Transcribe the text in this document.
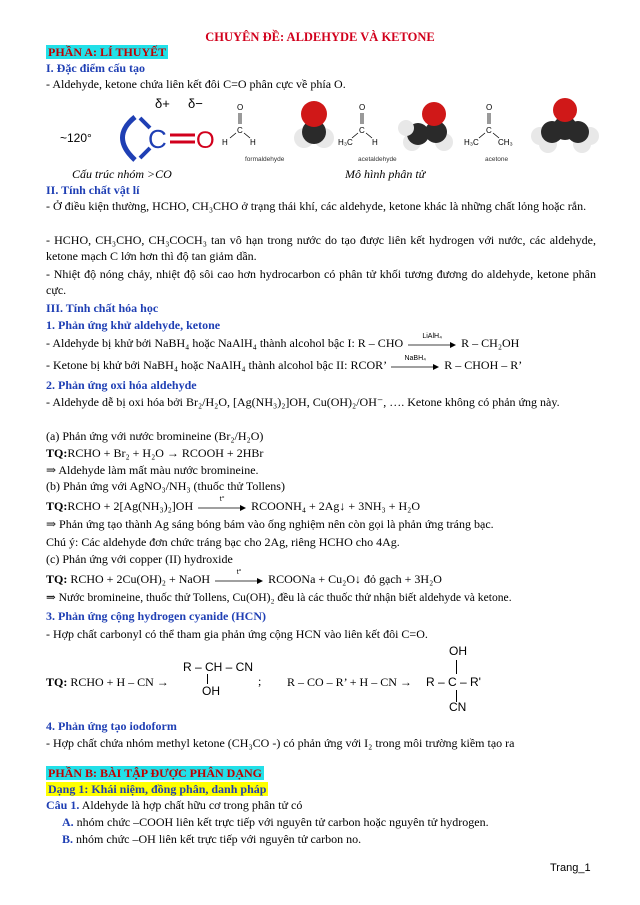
CHUYÊN ĐỀ: ALDEHYDE VÀ KETONE
PHẦN A: LÍ THUYẾT
I. Đặc điểm cấu tạo
- Aldehyde, ketone chứa liên kết đôi C=O phân cực về phía O.
C O
δ+ δ−
~120°
O
C
H	H
O
C
H₃C H
O
C
H₃C CH₃
formaldehyde	acetaldehyde	acetone
Cấu trúc nhóm >CO	Mô hình phân tử
II. Tính chất vật lí
- Ở điều kiện thường, HCHO, CH₃CHO ở trạng thái khí, các aldehyde, ketone khác là những chất lỏng hoặc rắn.
- HCHO, CH₃CHO, CH₃COCH₃ tan vô hạn trong nước do tạo được liên kết hydrogen với nước, các aldehyde, ketone mạch C lớn hơn thì độ tan giảm dần.
- Nhiệt độ nóng chảy, nhiệt độ sôi cao hơn hydrocarbon có phân tử khối tương đương do aldehyde, ketone phân cực.
III. Tính chất hóa học
1. Phản ứng khử aldehyde, ketone
- Aldehyde bị khử bởi NaBH₄ hoặc NaAlH₄ thành alcohol bậc I: R – CHO	LiAlH₄	R – CH₂OH
- Ketone bị khử bởi NaBH₄ hoặc NaAlH₄ thành alcohol bậc II: RCOR’	NaBH₄	R – CHOH – R’
2. Phản ứng oxi hóa aldehyde
- Aldehyde dễ bị oxi hóa bởi Br₂/H₂O, [Ag(NH₃)₂]OH, Cu(OH)₂/OH⁻, …. Ketone không có phản ứng này.
(a) Phản ứng với nước bromineine (Br₂/H₂O)
TQ:RCHO + Br₂ + H₂O → RCOOH + 2HBr
⇒ Aldehyde làm mất màu nước bromineine.
(b) Phản ứng với AgNO₃/NH₃ (thuốc thử Tollens)
TQ:RCHO + 2[Ag(NH₃)₂]OH	t°	RCOONH₄ + 2Ag↓ + 3NH₃ + H₂O
⇒ Phản ứng tạo thành Ag sáng bóng bám vào ống nghiệm nên còn gọi là phản ứng tráng bạc.
Chú ý: Các aldehyde đơn chức tráng bạc cho 2Ag, riêng HCHO cho 4Ag.
(c) Phản ứng với copper (II) hydroxide
TQ: RCHO + 2Cu(OH)₂ + NaOH	t°	RCOONa + Cu₂O↓ đỏ gạch + 3H₂O
⇒ Nước bromineine, thuốc thử Tollens, Cu(OH)₂ đều là các thuốc thử nhận biết aldehyde và ketone.
3. Phản ứng cộng hydrogen cyanide (HCN)
- Hợp chất carbonyl có thể tham gia phản ứng cộng HCN vào liên kết đôi C=O.
TQ: RCHO + H – CN →
R – CH – CN
OH
; R – CO – R’ + H – CN →
OH
R – C – R'
CN
4. Phản ứng tạo iodoform
- Hợp chất chứa nhóm methyl ketone (CH₃CO -) có phản ứng với I₂ trong môi trường kiềm tạo ra
PHẦN B: BÀI TẬP ĐƯỢC PHÂN DẠNG
Dạng 1: Khái niệm, đồng phân, danh pháp
Câu 1. Aldehyde là hợp chất hữu cơ trong phân tử có
A. nhóm chức –COOH liên kết trực tiếp với nguyên tử carbon hoặc nguyên tử hydrogen.
B. nhóm chức –OH liên kết trực tiếp với nguyên tử carbon no.
Trang_1
